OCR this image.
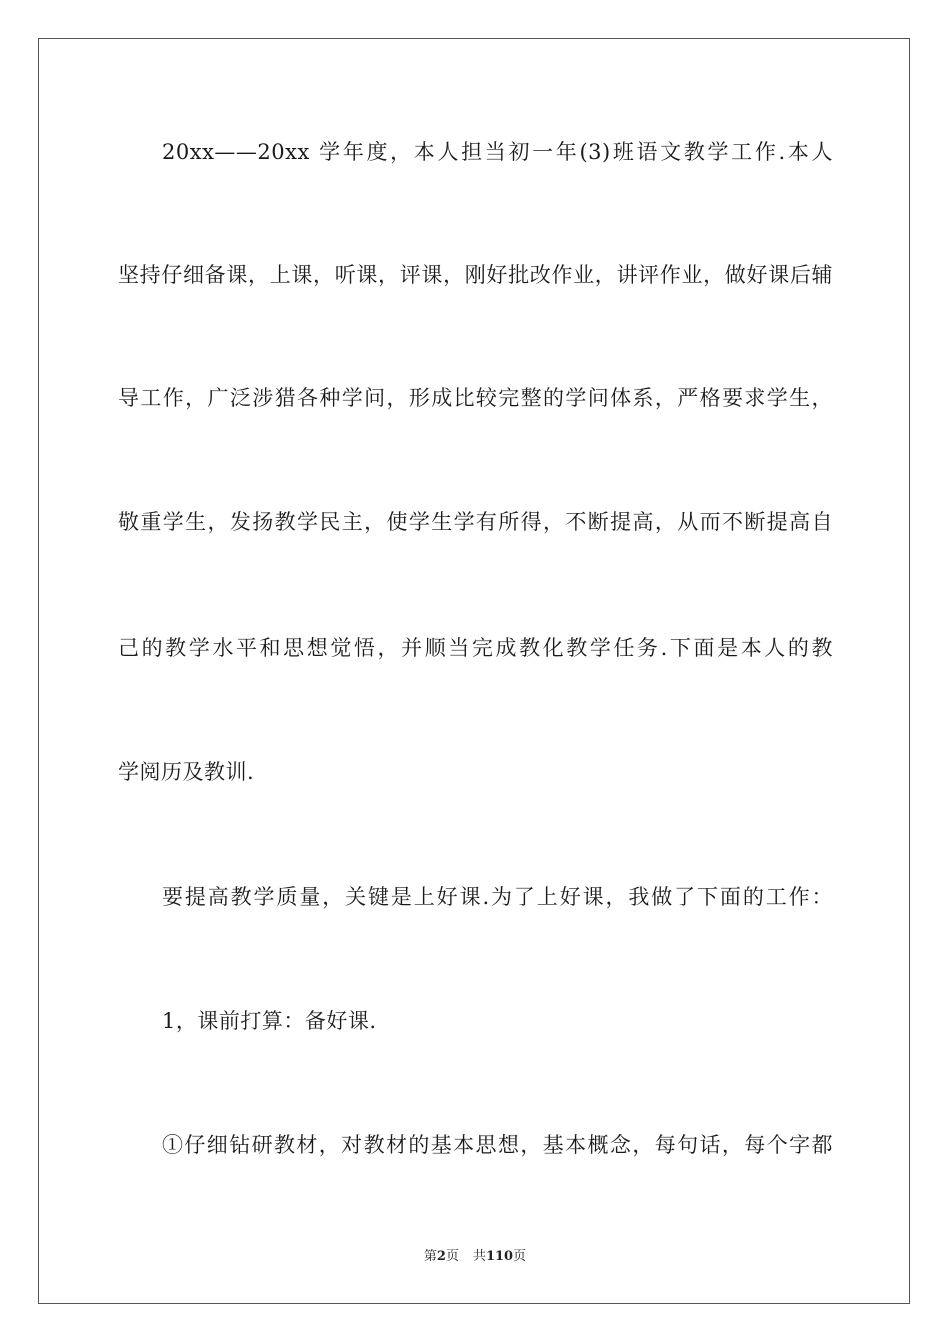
20xx——20xx 学年度，本人担当初一年(3)班语文教学工作.本人
坚持仔细备课，上课，听课，评课，刚好批改作业，讲评作业，做好课后辅
导工作，广泛涉猎各种学问，形成比较完整的学问体系，严格要求学生，
敬重学生，发扬教学民主，使学生学有所得，不断提高，从而不断提高自
己的教学水平和思想觉悟，并顺当完成教化教学任务.下面是本人的教
学阅历及教训.
要提高教学质量，关键是上好课.为了上好课，我做了下面的工作：
1，课前打算：备好课.
①仔细钻研教材，对教材的基本思想，基本概念，每句话，每个字都
第2页 共110页
